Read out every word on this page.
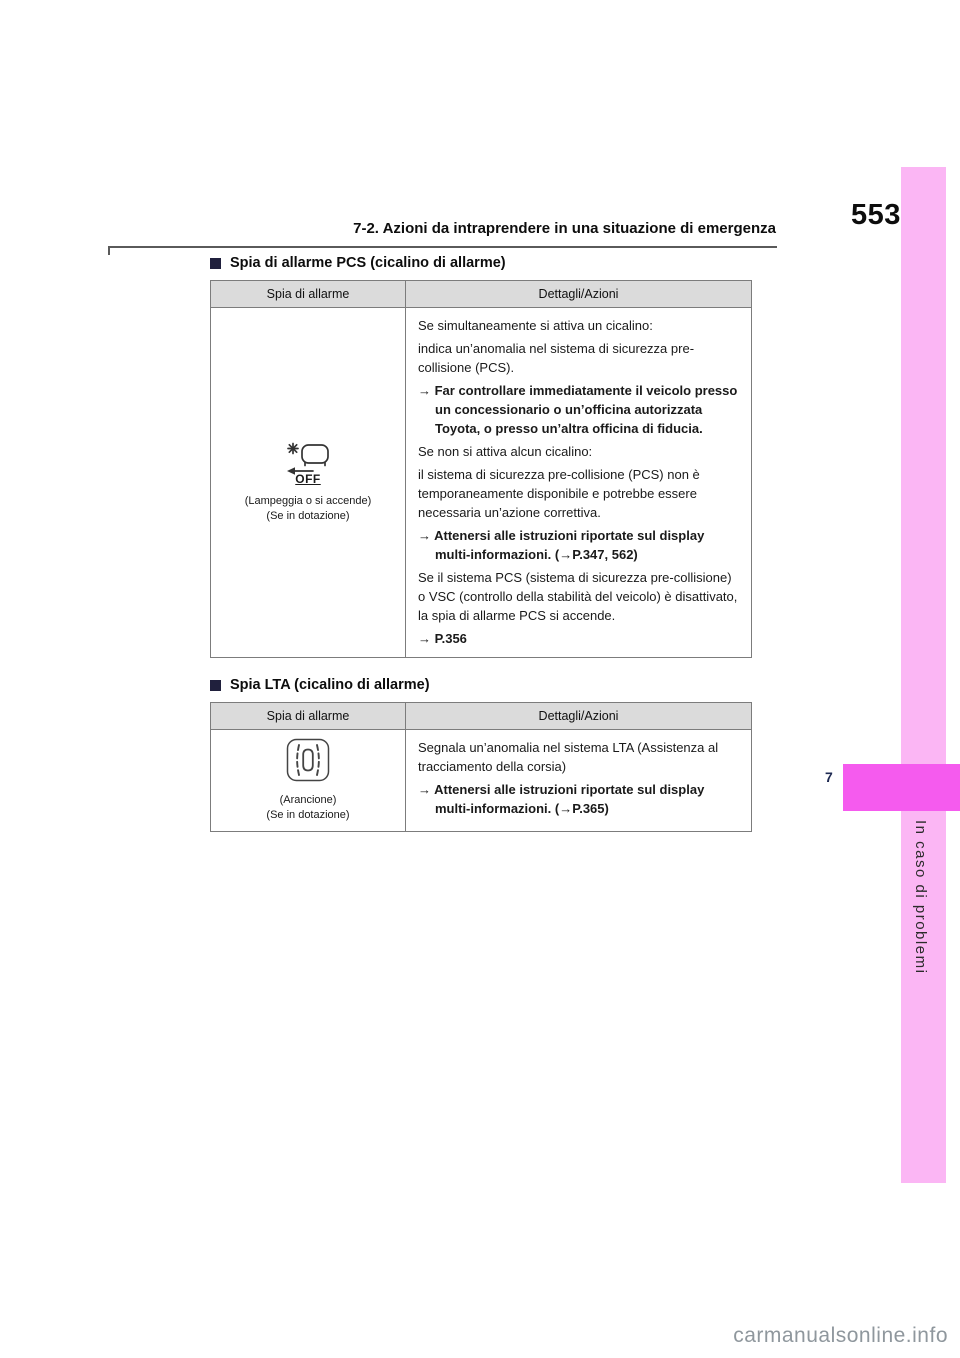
7
In caso di problemi
553
7-2. Azioni da intraprendere in una situazione di emergenza
Spia di allarme PCS (cicalino di allarme)
Spia di allarme	Dettagli/Azioni

OFF
(Lampeggia o si accende)
(Se in dotazione)

Se simultaneamente si attiva un cicalino:

indica un’anomalia nel sistema di sicurezza pre-collisione (PCS).

→ Far controllare immediatamente il veicolo presso un concessionario o un’officina autorizzata Toyota, o presso un’altra officina di fiducia.

Se non si attiva alcun cicalino:

il sistema di sicurezza pre-collisione (PCS) non è temporaneamente disponibile e potrebbe essere necessaria un’azione correttiva.

→ Attenersi alle istruzioni riportate sul display multi-informazioni. (→P.347, 562)

Se il sistema PCS (sistema di sicurezza pre-collisione) o VSC (controllo della stabilità del veicolo) è disattivato, la spia di allarme PCS si accende.

→ P.356

Spia LTA (cicalino di allarme)
Spia di allarme	Dettagli/Azioni

(Arancione)
(Se in dotazione)

Segnala un’anomalia nel sistema LTA (Assistenza al tracciamento della corsia)

→ Attenersi alle istruzioni riportate sul display multi-informazioni. (→P.365)

carmanualsonline.info
